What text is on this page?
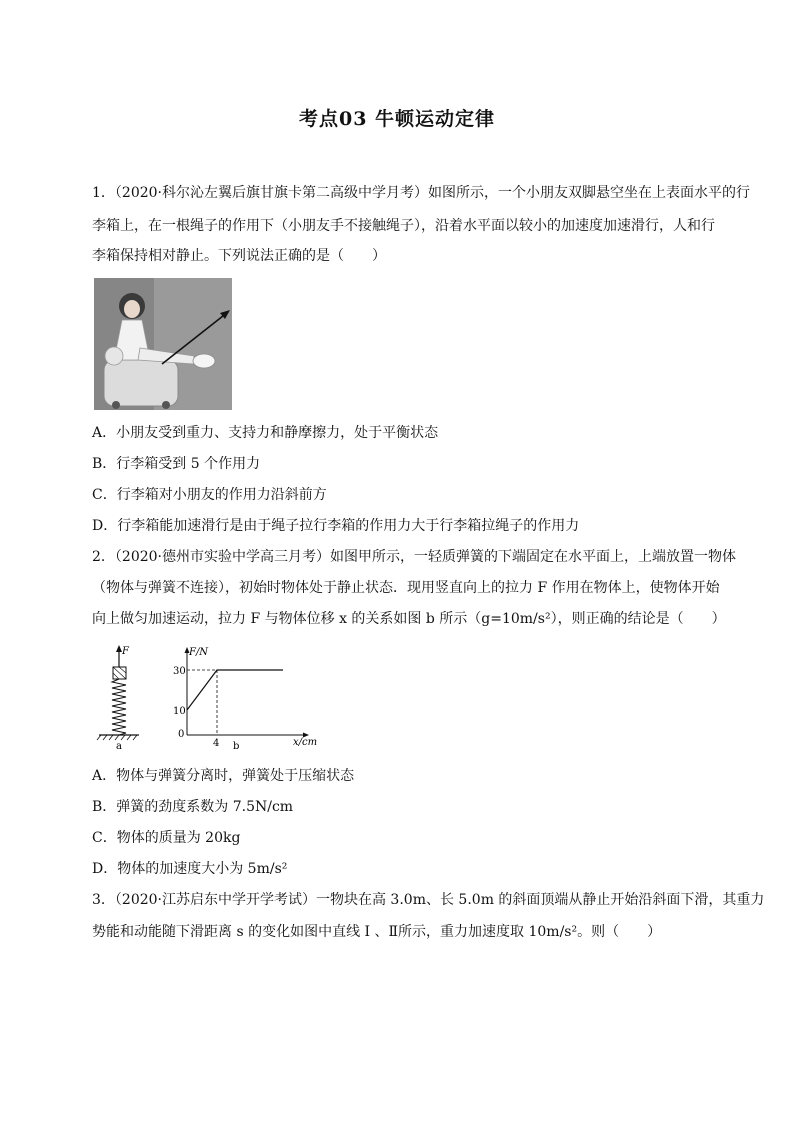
考点03 牛顿运动定律
1．（2020·科尔沁左翼后旗甘旗卡第二高级中学月考）如图所示，一个小朋友双脚悬空坐在上表面水平的行
李箱上，在一根绳子的作用下（小朋友手不接触绳子），沿着水平面以较小的加速度加速滑行，人和行
李箱保持相对静止。下列说法正确的是（　　）
A．小朋友受到重力、支持力和静摩擦力，处于平衡状态
B．行李箱受到 5 个作用力
C．行李箱对小朋友的作用力沿斜前方
D．行李箱能加速滑行是由于绳子拉行李箱的作用力大于行李箱拉绳子的作用力
2．（2020·德州市实验中学高三月考）如图甲所示，一轻质弹簧的下端固定在水平面上，上端放置一物体
（物体与弹簧不连接），初始时物体处于静止状态．现用竖直向上的拉力 F 作用在物体上，使物体开始
向上做匀加速运动，拉力 F 与物体位移 x 的关系如图 b 所示（g=10m/s²），则正确的结论是（　　）
F
a
F/N
x/cm
30
10
0
4 b
A．物体与弹簧分离时，弹簧处于压缩状态
B．弹簧的劲度系数为 7.5N/cm
C．物体的质量为 20kg
D．物体的加速度大小为 5m/s²
3．（2020·江苏启东中学开学考试）一物块在高 3.0m、长 5.0m 的斜面顶端从静止开始沿斜面下滑，其重力
势能和动能随下滑距离 s 的变化如图中直线 Ⅰ 、Ⅱ所示，重力加速度取 10m/s²。则（　　）
